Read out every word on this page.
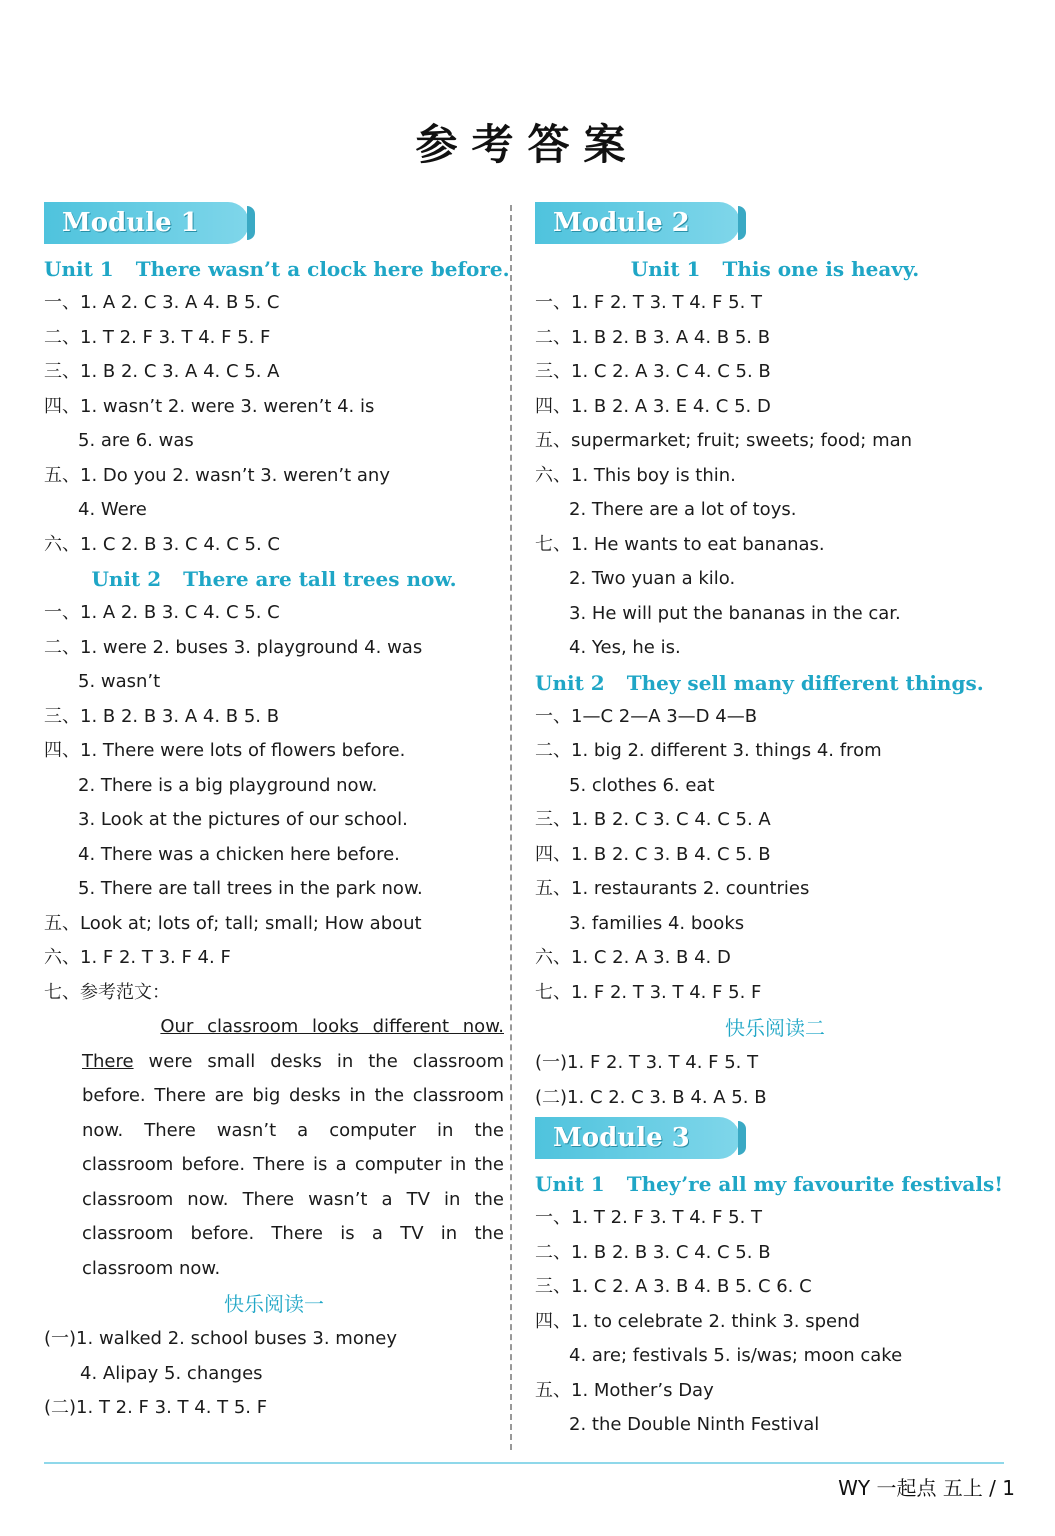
参考答案
Module 1
Unit 1 There wasn’t a clock here before.
一、1. A 2. C 3. A 4. B 5. C
二、1. T 2. F 3. T 4. F 5. F
三、1. B 2. C 3. A 4. C 5. A
四、1. wasn’t 2. were 3. weren’t 4. is
5. are 6. was
五、1. Do you 2. wasn’t 3. weren’t any
4. Were
六、1. C 2. B 3. C 4. C 5. C
Unit 2 There are tall trees now.
一、1. A 2. B 3. C 4. C 5. C
二、1. were 2. buses 3. playground 4. was
5. wasn’t
三、1. B 2. B 3. A 4. B 5. B
四、1. There were lots of flowers before.
2. There is a big playground now.
3. Look at the pictures of our school.
4. There was a chicken here before.
5. There are tall trees in the park now.
五、Look at; lots of; tall; small; How about
六、1. F 2. T 3. F 4. F
七、参考范文：
Our classroom looks different now.
There were small desks in the classroom before. There are big desks in the classroom now. There wasn’t a computer in the classroom before. There is a computer in the classroom now. There wasn’t a TV in the classroom before. There is a TV in the classroom now.
快乐阅读一
(一)1. walked 2. school buses 3. money
4. Alipay 5. changes
(二)1. T 2. F 3. T 4. T 5. F
Module 2
Unit 1 This one is heavy.
一、1. F 2. T 3. T 4. F 5. T
二、1. B 2. B 3. A 4. B 5. B
三、1. C 2. A 3. C 4. C 5. B
四、1. B 2. A 3. E 4. C 5. D
五、supermarket; fruit; sweets; food; man
六、1. This boy is thin.
2. There are a lot of toys.
七、1. He wants to eat bananas.
2. Two yuan a kilo.
3. He will put the bananas in the car.
4. Yes, he is.
Unit 2 They sell many different things.
一、1—C 2—A 3—D 4—B
二、1. big 2. different 3. things 4. from
5. clothes 6. eat
三、1. B 2. C 3. C 4. C 5. A
四、1. B 2. C 3. B 4. C 5. B
五、1. restaurants 2. countries
3. families 4. books
六、1. C 2. A 3. B 4. D
七、1. F 2. T 3. T 4. F 5. F
快乐阅读二
(一)1. F 2. T 3. T 4. F 5. T
(二)1. C 2. C 3. B 4. A 5. B
Module 3
Unit 1 They’re all my favourite festivals!
一、1. T 2. F 3. T 4. F 5. T
二、1. B 2. B 3. C 4. C 5. B
三、1. C 2. A 3. B 4. B 5. C 6. C
四、1. to celebrate 2. think 3. spend
4. are; festivals 5. is/was; moon cake
五、1. Mother’s Day
2. the Double Ninth Festival
WY 一起点 五上 / 1
